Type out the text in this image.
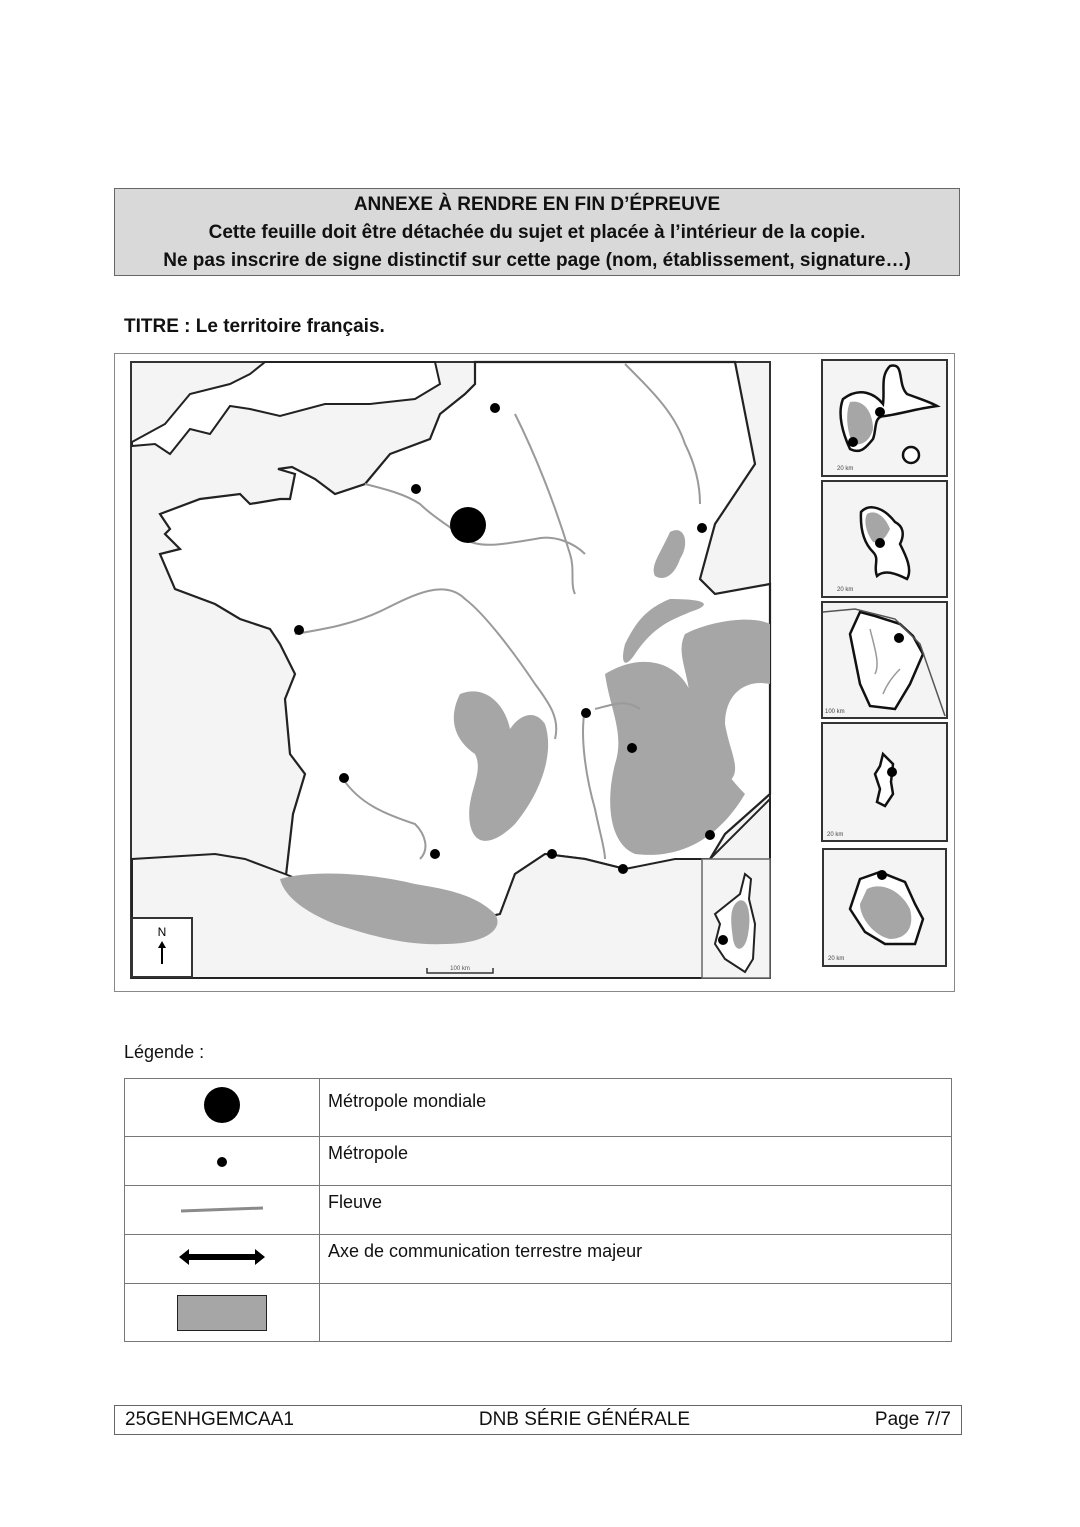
ANNEXE À RENDRE EN FIN D’ÉPREUVE
Cette feuille doit être détachée du sujet et placée à l’intérieur de la copie.
Ne pas inscrire de signe distinctif sur cette page (nom, établissement, signature…)
TITRE : Le territoire français.
N
100 km
20 km
20 km
100 km
20 km
20 km
Légende :
	Métropole mondiale
	Métropole
	Fleuve
	Axe de communication terrestre majeur

25GENHGEMCAA1	DNB SÉRIE GÉNÉRALE	Page 7/7
